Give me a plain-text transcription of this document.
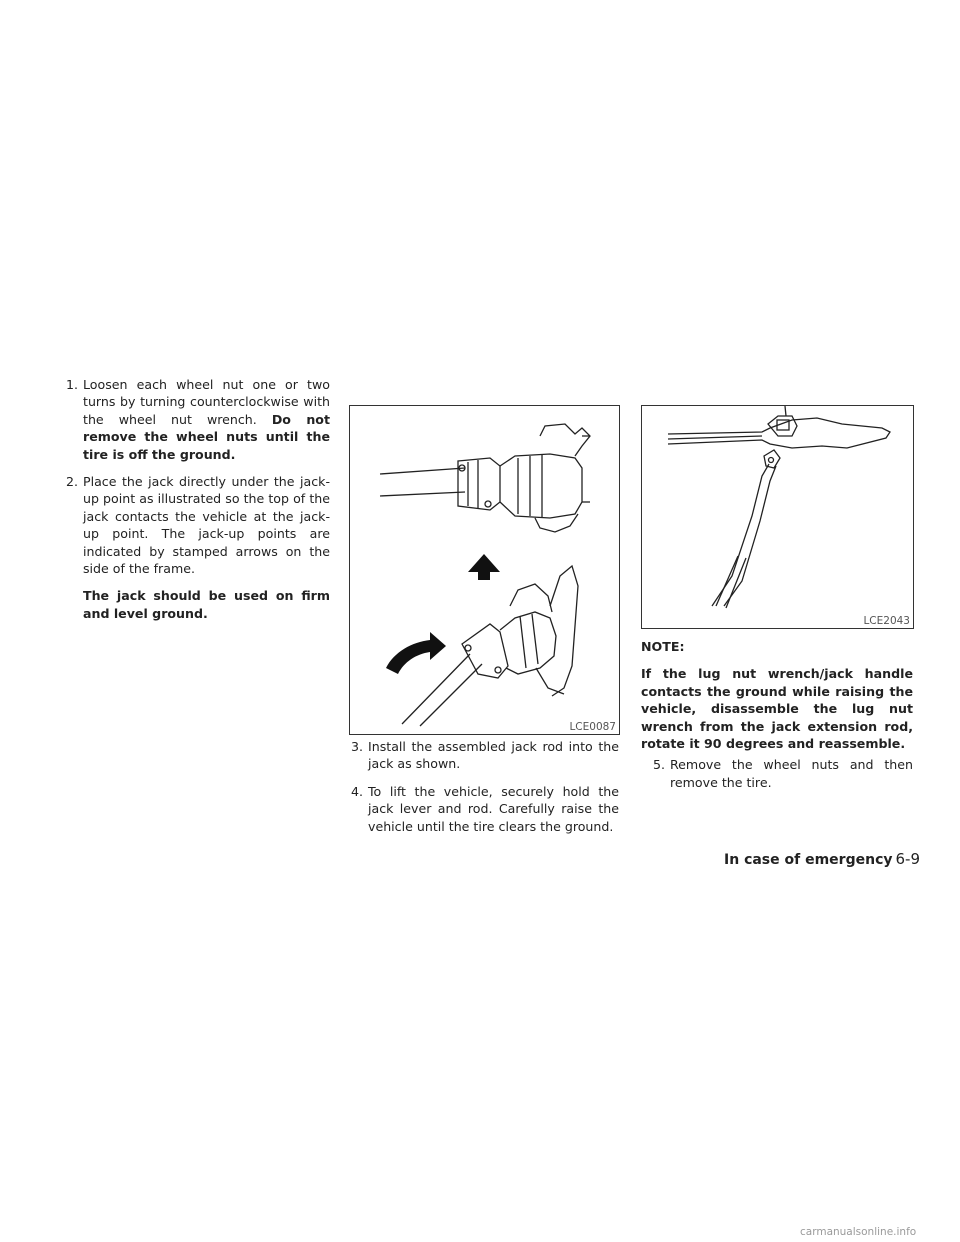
1. Loosen each wheel nut one or two turns by turning counterclockwise with the wheel nut wrench. Do not remove the wheel nuts until the tire is off the ground.

2. Place the jack directly under the jack-up point as illustrated so the top of the jack contacts the vehicle at the jack-up point. The jack-up points are indicated by stamped arrows on the side of the frame.

The jack should be used on firm and level ground.

LCE0087

3. Install the assembled jack rod into the jack as shown.

4. To lift the vehicle, securely hold the jack lever and rod. Carefully raise the vehicle until the tire clears the ground.

LCE2043

NOTE:

If the lug nut wrench/jack handle contacts the ground while raising the vehicle, disassemble the lug nut wrench from the jack extension rod, rotate it 90 degrees and reassemble.

5. Remove the wheel nuts and then remove the tire.

In case of emergency 6-9
carmanualsonline.info
